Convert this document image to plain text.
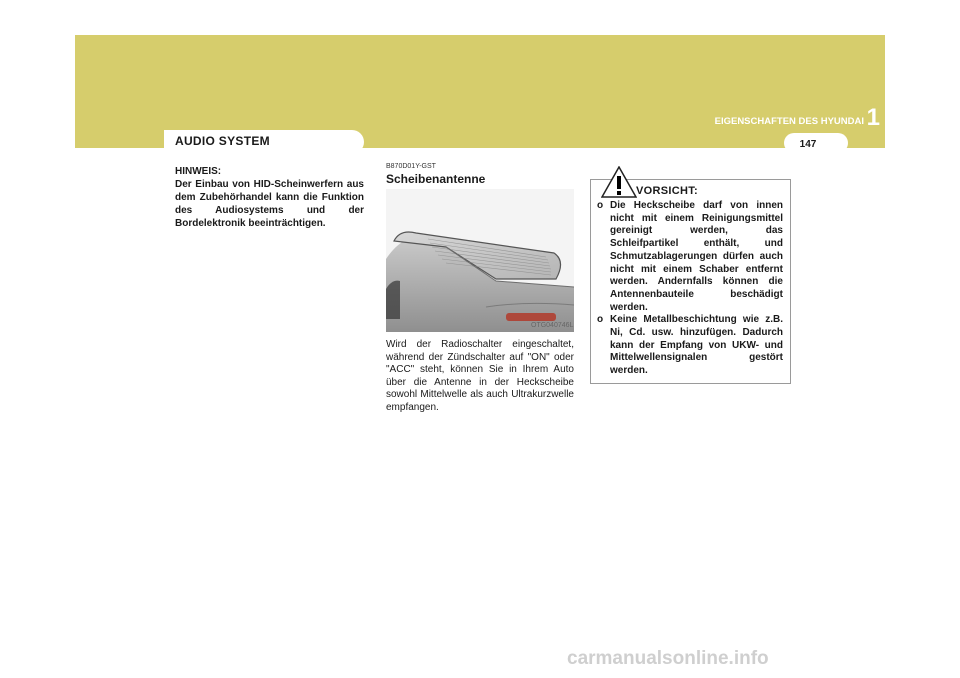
1
EIGENSCHAFTEN DES HYUNDAI
147
AUDIO SYSTEM

HINWEIS:

Der Einbau von HID-Scheinwerfern aus dem Zubehörhandel kann die Funktion des Audiosystems und der Bordelektronik beeinträchtigen.

B870D01Y-GST
Scheibenantenne
OTG040746L

Wird der Radioschalter eingeschaltet, während der Zündschalter auf "ON" oder "ACC" steht, können Sie in Ihrem Auto über die Antenne in der Heckscheibe sowohl Mittelwelle als auch Ultrakurzwelle empfangen.

VORSICHT:
o Die Heckscheibe darf von innen nicht mit einem Reinigungsmittel gereinigt werden, das Schleifpartikel enthält, und Schmutzablagerungen dürfen auch nicht mit einem Schaber entfernt werden. Andernfalls können die Antennenbauteile beschädigt werden.
o Keine Metallbeschichtung wie z.B. Ni, Cd. usw. hinzufügen. Dadurch kann der Empfang von UKW- und Mittelwellensignalen gestört werden.
carmanualsonline.info
